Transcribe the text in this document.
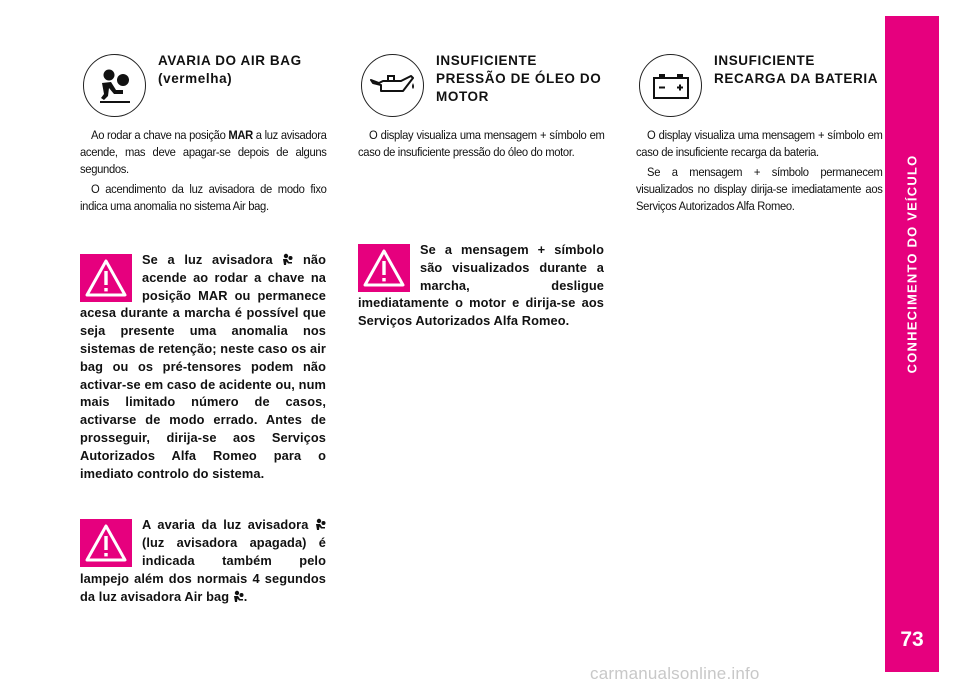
AVARIA DO AIR BAG
(vermelha)

Ao rodar a chave na posição MAR a luz avisadora acende, mas deve apagar-se depois de alguns segundos.

O acendimento da luz avisadora de modo fixo indica uma anomalia no sistema Air bag.

Se a luz avisadora  não acende ao rodar a chave na posição MAR ou permanece acesa durante a marcha é possível que seja presente uma anomalia nos sistemas de retenção; neste caso os air bag ou os pré-tensores podem não activar-se em caso de acidente ou, num mais limitado número de casos, activarse de modo errado. Antes de prosseguir, dirija-se aos Serviços Autorizados Alfa Romeo para o imediato controlo do sistema.
A avaria da luz avisadora  (luz avisadora apagada) é indicada também pelo lampejo além dos normais 4 segundos da luz avisadora Air bag .
INSUFICIENTE PRESSÃO DE ÓLEO DO MOTOR

O display visualiza uma mensagem + símbolo em caso de insuficiente pressão do óleo do motor.

Se a mensagem + símbolo são visualizados durante a marcha, desligue imediatamente o motor e dirija-se aos Serviços Autorizados Alfa Romeo.
INSUFICIENTE RECARGA DA BATERIA

O display visualiza uma mensagem + símbolo em caso de insuficiente recarga da bateria.

Se a mensagem + símbolo permanecem visualizados no display dirija-se imediatamente aos Serviços Autorizados Alfa Romeo.	CONHECIMENTO DO VEÍCULO
73
carmanualsonline.info
